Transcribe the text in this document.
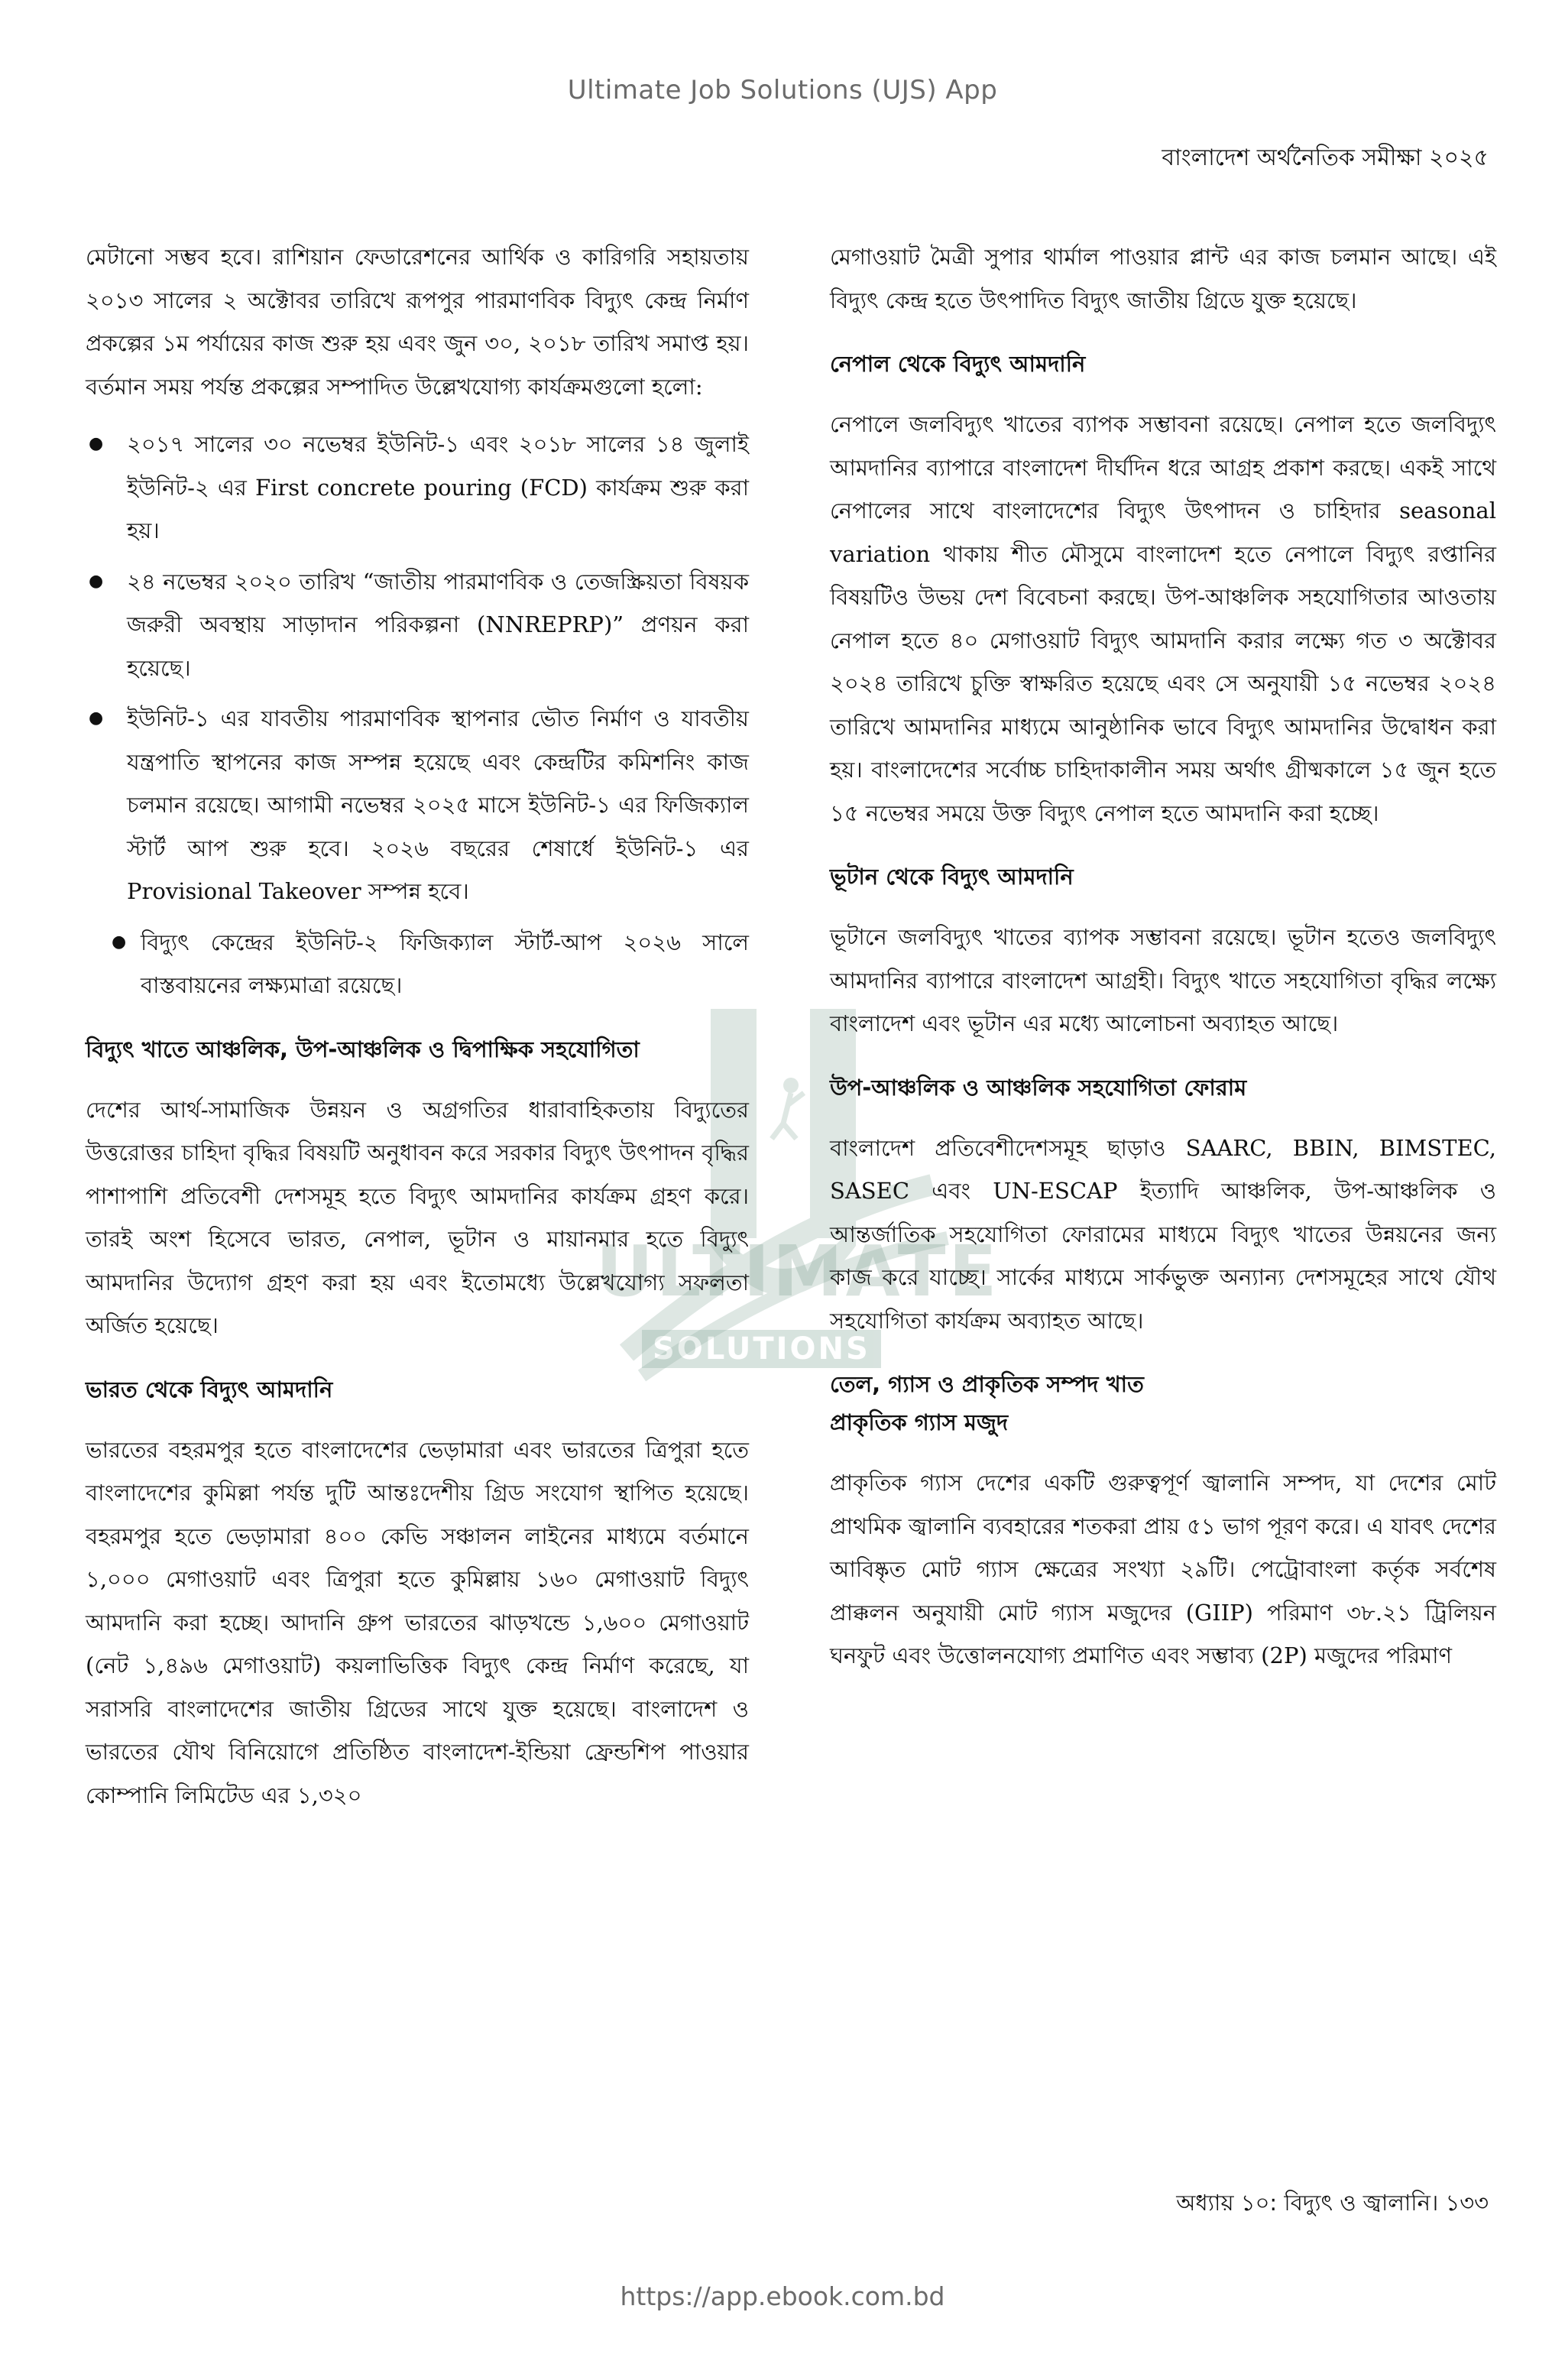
ULTIMATE
SOLUTIONS
Ultimate Job Solutions (UJS) App
বাংলাদেশ অর্থনৈতিক সমীক্ষা ২০২৫

মেটানো সম্ভব হবে। রাশিয়ান ফেডারেশনের আর্থিক ও কারিগরি সহায়তায় ২০১৩ সালের ২ অক্টোবর তারিখে রূপপুর পারমাণবিক বিদ্যুৎ কেন্দ্র নির্মাণ প্রকল্পের ১ম পর্যায়ের কাজ শুরু হয় এবং জুন ৩০, ২০১৮ তারিখ সমাপ্ত হয়। বর্তমান সময় পর্যন্ত প্রকল্পের সম্পাদিত উল্লেখযোগ্য কার্যক্রমগুলো হলো:

● ২০১৭ সালের ৩০ নভেম্বর ইউনিট-১ এবং ২০১৮ সালের ১৪ জুলাই ইউনিট-২ এর First concrete pouring (FCD) কার্যক্রম শুরু করা হয়।
● ২৪ নভেম্বর ২০২০ তারিখ “জাতীয় পারমাণবিক ও তেজস্ক্রিয়তা বিষয়ক জরুরী অবস্থায় সাড়াদান পরিকল্পনা (NNREPRP)” প্রণয়ন করা হয়েছে।
● ইউনিট-১ এর যাবতীয় পারমাণবিক স্থাপনার ভৌত নির্মাণ ও যাবতীয় যন্ত্রপাতি স্থাপনের কাজ সম্পন্ন হয়েছে এবং কেন্দ্রটির কমিশনিং কাজ চলমান রয়েছে। আগামী নভেম্বর ২০২৫ মাসে ইউনিট-১ এর ফিজিক্যাল স্টার্ট আপ শুরু হবে। ২০২৬ বছরের শেষার্ধে ইউনিট-১ এর Provisional Takeover সম্পন্ন হবে।
● বিদ্যুৎ কেন্দ্রের ইউনিট-২ ফিজিক্যাল স্টার্ট-আপ ২০২৬ সালে বাস্তবায়নের লক্ষ্যমাত্রা রয়েছে।
বিদ্যুৎ খাতে আঞ্চলিক, উপ-আঞ্চলিক ও দ্বিপাক্ষিক সহযোগিতা

দেশের আর্থ-সামাজিক উন্নয়ন ও অগ্রগতির ধারাবাহিকতায় বিদ্যুতের উত্তরোত্তর চাহিদা বৃদ্ধির বিষয়টি অনুধাবন করে সরকার বিদ্যুৎ উৎপাদন বৃদ্ধির পাশাপাশি প্রতিবেশী দেশসমূহ হতে বিদ্যুৎ আমদানির কার্যক্রম গ্রহণ করে। তারই অংশ হিসেবে ভারত, নেপাল, ভূটান ও মায়ানমার হতে বিদ্যুৎ আমদানির উদ্যোগ গ্রহণ করা হয় এবং ইতোমধ্যে উল্লেখযোগ্য সফলতা অর্জিত হয়েছে।

ভারত থেকে বিদ্যুৎ আমদানি

ভারতের বহরমপুর হতে বাংলাদেশের ভেড়ামারা এবং ভারতের ত্রিপুরা হতে বাংলাদেশের কুমিল্লা পর্যন্ত দুটি আন্তঃদেশীয় গ্রিড সংযোগ স্থাপিত হয়েছে। বহরমপুর হতে ভেড়ামারা ৪০০ কেভি সঞ্চালন লাইনের মাধ্যমে বর্তমানে ১,০০০ মেগাওয়াট এবং ত্রিপুরা হতে কুমিল্লায় ১৬০ মেগাওয়াট বিদ্যুৎ আমদানি করা হচ্ছে। আদানি গ্রুপ ভারতের ঝাড়খন্ডে ১,৬০০ মেগাওয়াট (নেট ১,৪৯৬ মেগাওয়াট) কয়লাভিত্তিক বিদ্যুৎ কেন্দ্র নির্মাণ করেছে, যা সরাসরি বাংলাদেশের জাতীয় গ্রিডের সাথে যুক্ত হয়েছে। বাংলাদেশ ও ভারতের যৌথ বিনিয়োগে প্রতিষ্ঠিত বাংলাদেশ-ইন্ডিয়া ফ্রেন্ডশিপ পাওয়ার কোম্পানি লিমিটেড এর ১,৩২০

মেগাওয়াট মৈত্রী সুপার থার্মাল পাওয়ার প্লান্ট এর কাজ চলমান আছে। এই বিদ্যুৎ কেন্দ্র হতে উৎপাদিত বিদ্যুৎ জাতীয় গ্রিডে যুক্ত হয়েছে।

নেপাল থেকে বিদ্যুৎ আমদানি

নেপালে জলবিদ্যুৎ খাতের ব্যাপক সম্ভাবনা রয়েছে। নেপাল হতে জলবিদ্যুৎ আমদানির ব্যাপারে বাংলাদেশ দীর্ঘদিন ধরে আগ্রহ প্রকাশ করছে। একই সাথে নেপালের সাথে বাংলাদেশের বিদ্যুৎ উৎপাদন ও চাহিদার seasonal variation থাকায় শীত মৌসুমে বাংলাদেশ হতে নেপালে বিদ্যুৎ রপ্তানির বিষয়টিও উভয় দেশ বিবেচনা করছে। উপ-আঞ্চলিক সহযোগিতার আওতায় নেপাল হতে ৪০ মেগাওয়াট বিদ্যুৎ আমদানি করার লক্ষ্যে গত ৩ অক্টোবর ২০২৪ তারিখে চুক্তি স্বাক্ষরিত হয়েছে এবং সে অনুযায়ী ১৫ নভেম্বর ২০২৪ তারিখে আমদানির মাধ্যমে আনুষ্ঠানিক ভাবে বিদ্যুৎ আমদানির উদ্বোধন করা হয়। বাংলাদেশের সর্বোচ্চ চাহিদাকালীন সময় অর্থাৎ গ্রীষ্মকালে ১৫ জুন হতে ১৫ নভেম্বর সময়ে উক্ত বিদ্যুৎ নেপাল হতে আমদানি করা হচ্ছে।

ভূটান থেকে বিদ্যুৎ আমদানি

ভূটানে জলবিদ্যুৎ খাতের ব্যাপক সম্ভাবনা রয়েছে। ভূটান হতেও জলবিদ্যুৎ আমদানির ব্যাপারে বাংলাদেশ আগ্রহী। বিদ্যুৎ খাতে সহযোগিতা বৃদ্ধির লক্ষ্যে বাংলাদেশ এবং ভূটান এর মধ্যে আলোচনা অব্যাহত আছে।

উপ-আঞ্চলিক ও আঞ্চলিক সহযোগিতা ফোরাম

বাংলাদেশ প্রতিবেশীদেশসমূহ ছাড়াও SAARC, BBIN, BIMSTEC, SASEC এবং UN-ESCAP ইত্যাদি আঞ্চলিক, উপ-আঞ্চলিক ও আন্তর্জাতিক সহযোগিতা ফোরামের মাধ্যমে বিদ্যুৎ খাতের উন্নয়নের জন্য কাজ করে যাচ্ছে। সার্কের মাধ্যমে সার্কভুক্ত অন্যান্য দেশসমূহের সাথে যৌথ সহযোগিতা কার্যক্রম অব্যাহত আছে।

তেল, গ্যাস ও প্রাকৃতিক সম্পদ খাত
প্রাকৃতিক গ্যাস মজুদ

প্রাকৃতিক গ্যাস দেশের একটি গুরুত্বপূর্ণ জ্বালানি সম্পদ, যা দেশের মোট প্রাথমিক জ্বালানি ব্যবহারের শতকরা প্রায় ৫১ ভাগ পূরণ করে। এ যাবৎ দেশের আবিষ্কৃত মোট গ্যাস ক্ষেত্রের সংখ্যা ২৯টি। পেট্রোবাংলা কর্তৃক সর্বশেষ প্রাক্কলন অনুযায়ী মোট গ্যাস মজুদের (GIIP) পরিমাণ ৩৮.২১ ট্রিলিয়ন ঘনফুট এবং উত্তোলনযোগ্য প্রমাণিত এবং সম্ভাব্য (2P) মজুদের পরিমাণ

অধ্যায় ১০: বিদ্যুৎ ও জ্বালানি। ১৩৩
https://app.ebook.com.bd
